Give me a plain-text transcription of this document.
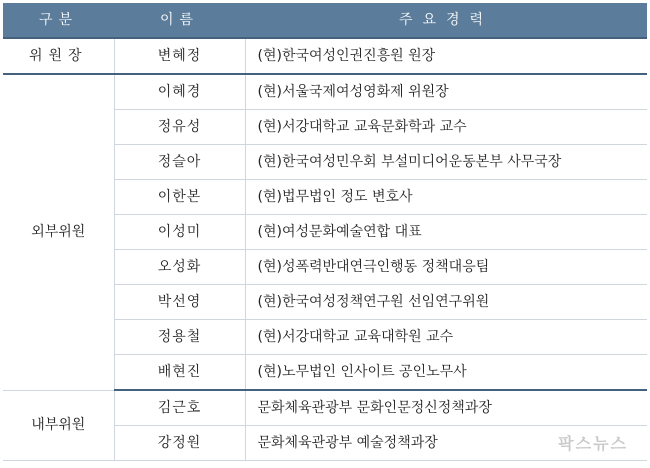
구분	이름	주요경력
위원장	변혜정	(현)한국여성인권진흥원 원장
외부위원	이혜경	(현)서울국제여성영화제 위원장
	정유성	(현)서강대학교 교육문화학과 교수
	정슬아	(현)한국여성민우회 부설미디어운동본부 사무국장
	이한본	(현)법무법인 정도 변호사
	이성미	(현)여성문화예술연합 대표
	오성화	(현)성폭력반대연극인행동 정책대응팀
	박선영	(현)한국여성정책연구원 선임연구위원
	정용철	(현)서강대학교 교육대학원 교수
	배현진	(현)노무법인 인사이트 공인노무사
내부위원	김근호	문화체육관광부 문화인문정신정책과장
	강정원	문화체육관광부 예술정책과장	팍스뉴스
